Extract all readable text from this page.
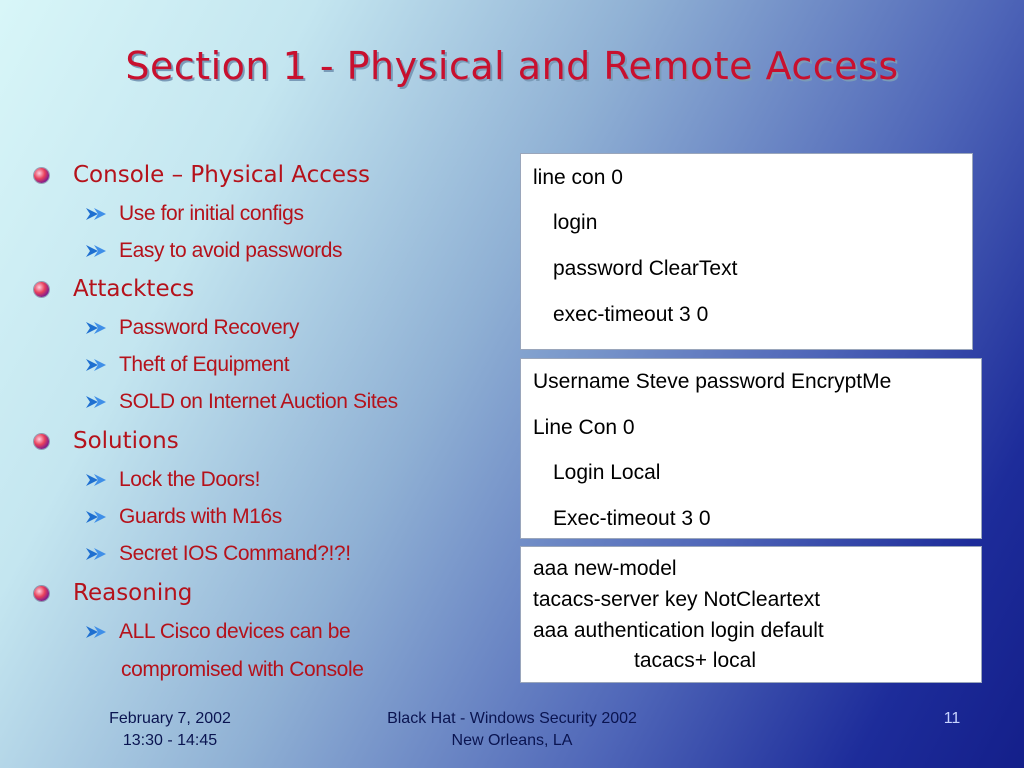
Section 1 - Physical and Remote Access
Console – Physical Access
Use for initial configs
Easy to avoid passwords
Attacktecs
Password Recovery
Theft of Equipment
SOLD on Internet Auction Sites
Solutions
Lock the Doors!
Guards with M16s
Secret IOS Command?!?!
Reasoning
ALL Cisco devices can be
compromised with Console
line con 0
login
password ClearText
exec-timeout 3 0
Username Steve password EncryptMe
Line Con 0
Login Local
Exec-timeout 3 0
aaa new-model
tacacs-server key NotCleartext
aaa authentication login default
tacacs+ local
February 7, 2002
13:30 - 14:45
Black Hat - Windows Security 2002
New Orleans, LA
11
